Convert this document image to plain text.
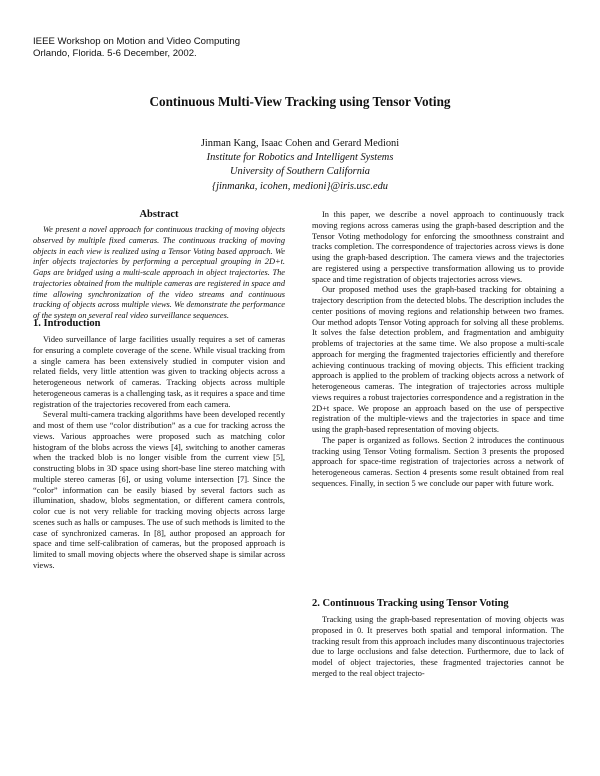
IEEE Workshop on Motion and Video Computing
Orlando, Florida. 5-6 December, 2002.
Continuous Multi-View Tracking using Tensor Voting
Jinman Kang, Isaac Cohen and Gerard Medioni
Institute for Robotics and Intelligent Systems
University of Southern California
{jinmanka, icohen, medioni}@iris.usc.edu
Abstract

We present a novel approach for continuous tracking of moving objects observed by multiple fixed cameras. The continuous tracking of moving objects in each view is realized using a Tensor Voting based approach. We infer objects trajectories by performing a perceptual grouping in 2D+t. Gaps are bridged using a multi-scale approach in object trajectories. The trajectories obtained from the multiple cameras are registered in space and time allowing synchronization of the video streams and continuous tracking of objects across multiple views. We demonstrate the performance of the system on several real video surveillance sequences.

1. Introduction

Video surveillance of large facilities usually requires a set of cameras for ensuring a complete coverage of the scene. While visual tracking from a single camera has been extensively studied in computer vision and related fields, very little attention was given to tracking objects across a heterogeneous network of cameras. Tracking objects across multiple heterogeneous cameras is a challenging task, as it requires a space and time registration of the trajectories recovered from each camera.

Several multi-camera tracking algorithms have been developed recently and most of them use “color distribution” as a cue for tracking across the views. Various approaches were proposed such as matching color histogram of the blobs across the views [4], switching to another cameras when the tracked blob is no longer visible from the current view [5], constructing blobs in 3D space using short-base line stereo matching with multiple stereo cameras [6], or using volume intersection [7]. Since the “color” information can be easily biased by several factors such as illumination, shadow, blobs segmentation, or different camera controls, color cue is not very reliable for tracking moving objects across large scenes such as halls or campuses. The use of such methods is limited to the case of synchronized cameras. In [8], author proposed an approach for space and time self-calibration of cameras, but the proposed approach is limited to small moving objects where the observed shape is similar across views.

In this paper, we describe a novel approach to continuously track moving regions across cameras using the graph-based description and the Tensor Voting methodology for enforcing the smoothness constraint and tracks completion. The correspondence of trajectories across views is done using the graph-based description. The camera views and the trajectories are registered using a perspective transformation allowing us to provide space and time registration of objects trajectories across views.

Our proposed method uses the graph-based tracking for obtaining a trajectory description from the detected blobs. The description includes the center positions of moving regions and relationship between two frames. Our method adopts Tensor Voting approach for solving all these problems. It solves the false detection problem, and fragmentation and ambiguity problems of trajectories at the same time. We also propose a multi-scale approach for merging the fragmented trajectories efficiently and therefore achieving continuous tracking of moving objects. This efficient tracking approach is applied to the problem of tracking objects across a network of heterogeneous cameras. The integration of trajectories across multiple views requires a robust trajectories correspondence and a registration in the 2D+t space. We propose an approach based on the use of perspective registration of the multiple-views and the trajectories in space and time using the graph-based representation of moving objects.

The paper is organized as follows. Section 2 introduces the continuous tracking using Tensor Voting formalism. Section 3 presents the proposed approach for space-time registration of trajectories across a network of heterogeneous cameras. Section 4 presents some result obtained from real sequences. Finally, in section 5 we conclude our paper with future work.

2. Continuous Tracking using Tensor Voting

Tracking using the graph-based representation of moving objects was proposed in 0. It preserves both spatial and temporal information. The tracking result from this approach includes many discontinuous trajectories due to large occlusions and false detection. Furthermore, due to lack of model of object trajectories, these fragmented trajectories cannot be merged to the real object trajecto-
